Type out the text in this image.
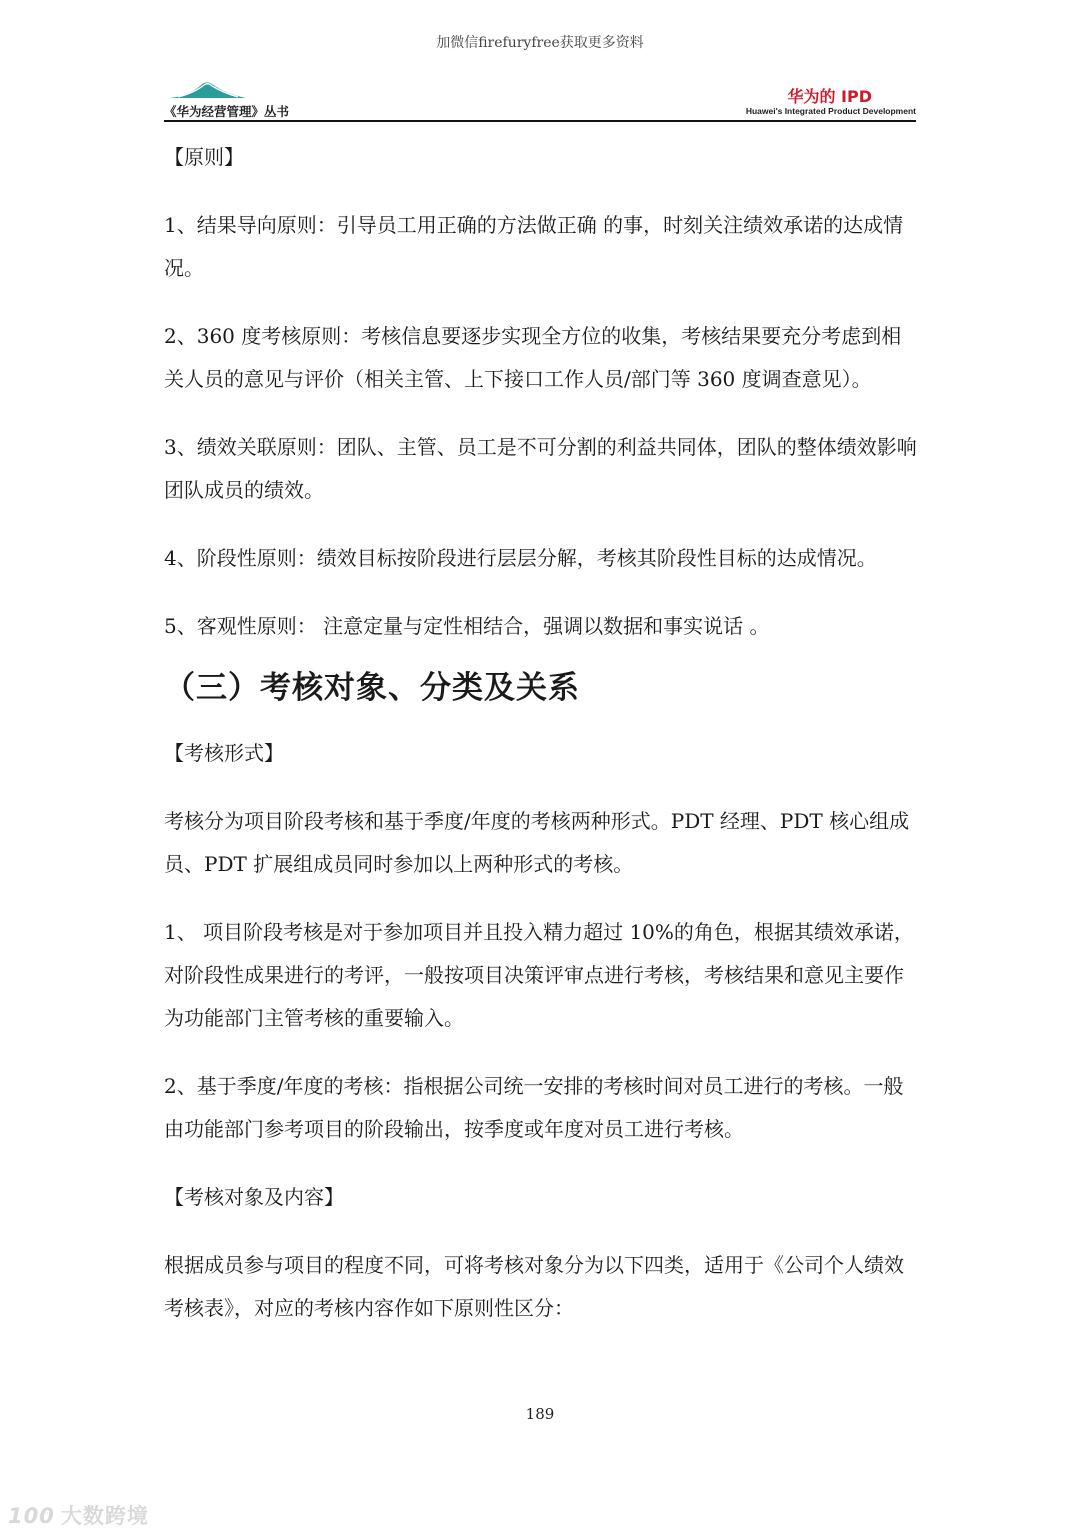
加微信firefuryfree获取更多资料
《华为经营管理》丛书
华为的 IPD
Huawei's Integrated Product Development

【原则】

1、结果导向原则：引导员工用正确的方法做正确 的事，时刻关注绩效承诺的达成情况。

2、360 度考核原则：考核信息要逐步实现全方位的收集，考核结果要充分考虑到相关人员的意见与评价（相关主管、上下接口工作人员/部门等 360 度调查意见）。

3、绩效关联原则：团队、主管、员工是不可分割的利益共同体，团队的整体绩效影响团队成员的绩效。

4、阶段性原则：绩效目标按阶段进行层层分解，考核其阶段性目标的达成情况。

5、客观性原则： 注意定量与定性相结合，强调以数据和事实说话 。

（三）考核对象、分类及关系

【考核形式】

考核分为项目阶段考核和基于季度/年度的考核两种形式。PDT 经理、PDT 核心组成员、PDT 扩展组成员同时参加以上两种形式的考核。

1、 项目阶段考核是对于参加项目并且投入精力超过 10%的角色，根据其绩效承诺，对阶段性成果进行的考评，一般按项目决策评审点进行考核，考核结果和意见主要作为功能部门主管考核的重要输入。

2、基于季度/年度的考核：指根据公司统一安排的考核时间对员工进行的考核。一般由功能部门参考项目的阶段输出，按季度或年度对员工进行考核。

【考核对象及内容】

根据成员参与项目的程度不同，可将考核对象分为以下四类，适用于《公司个人绩效考核表》，对应的考核内容作如下原则性区分：

189
100 大数跨境
